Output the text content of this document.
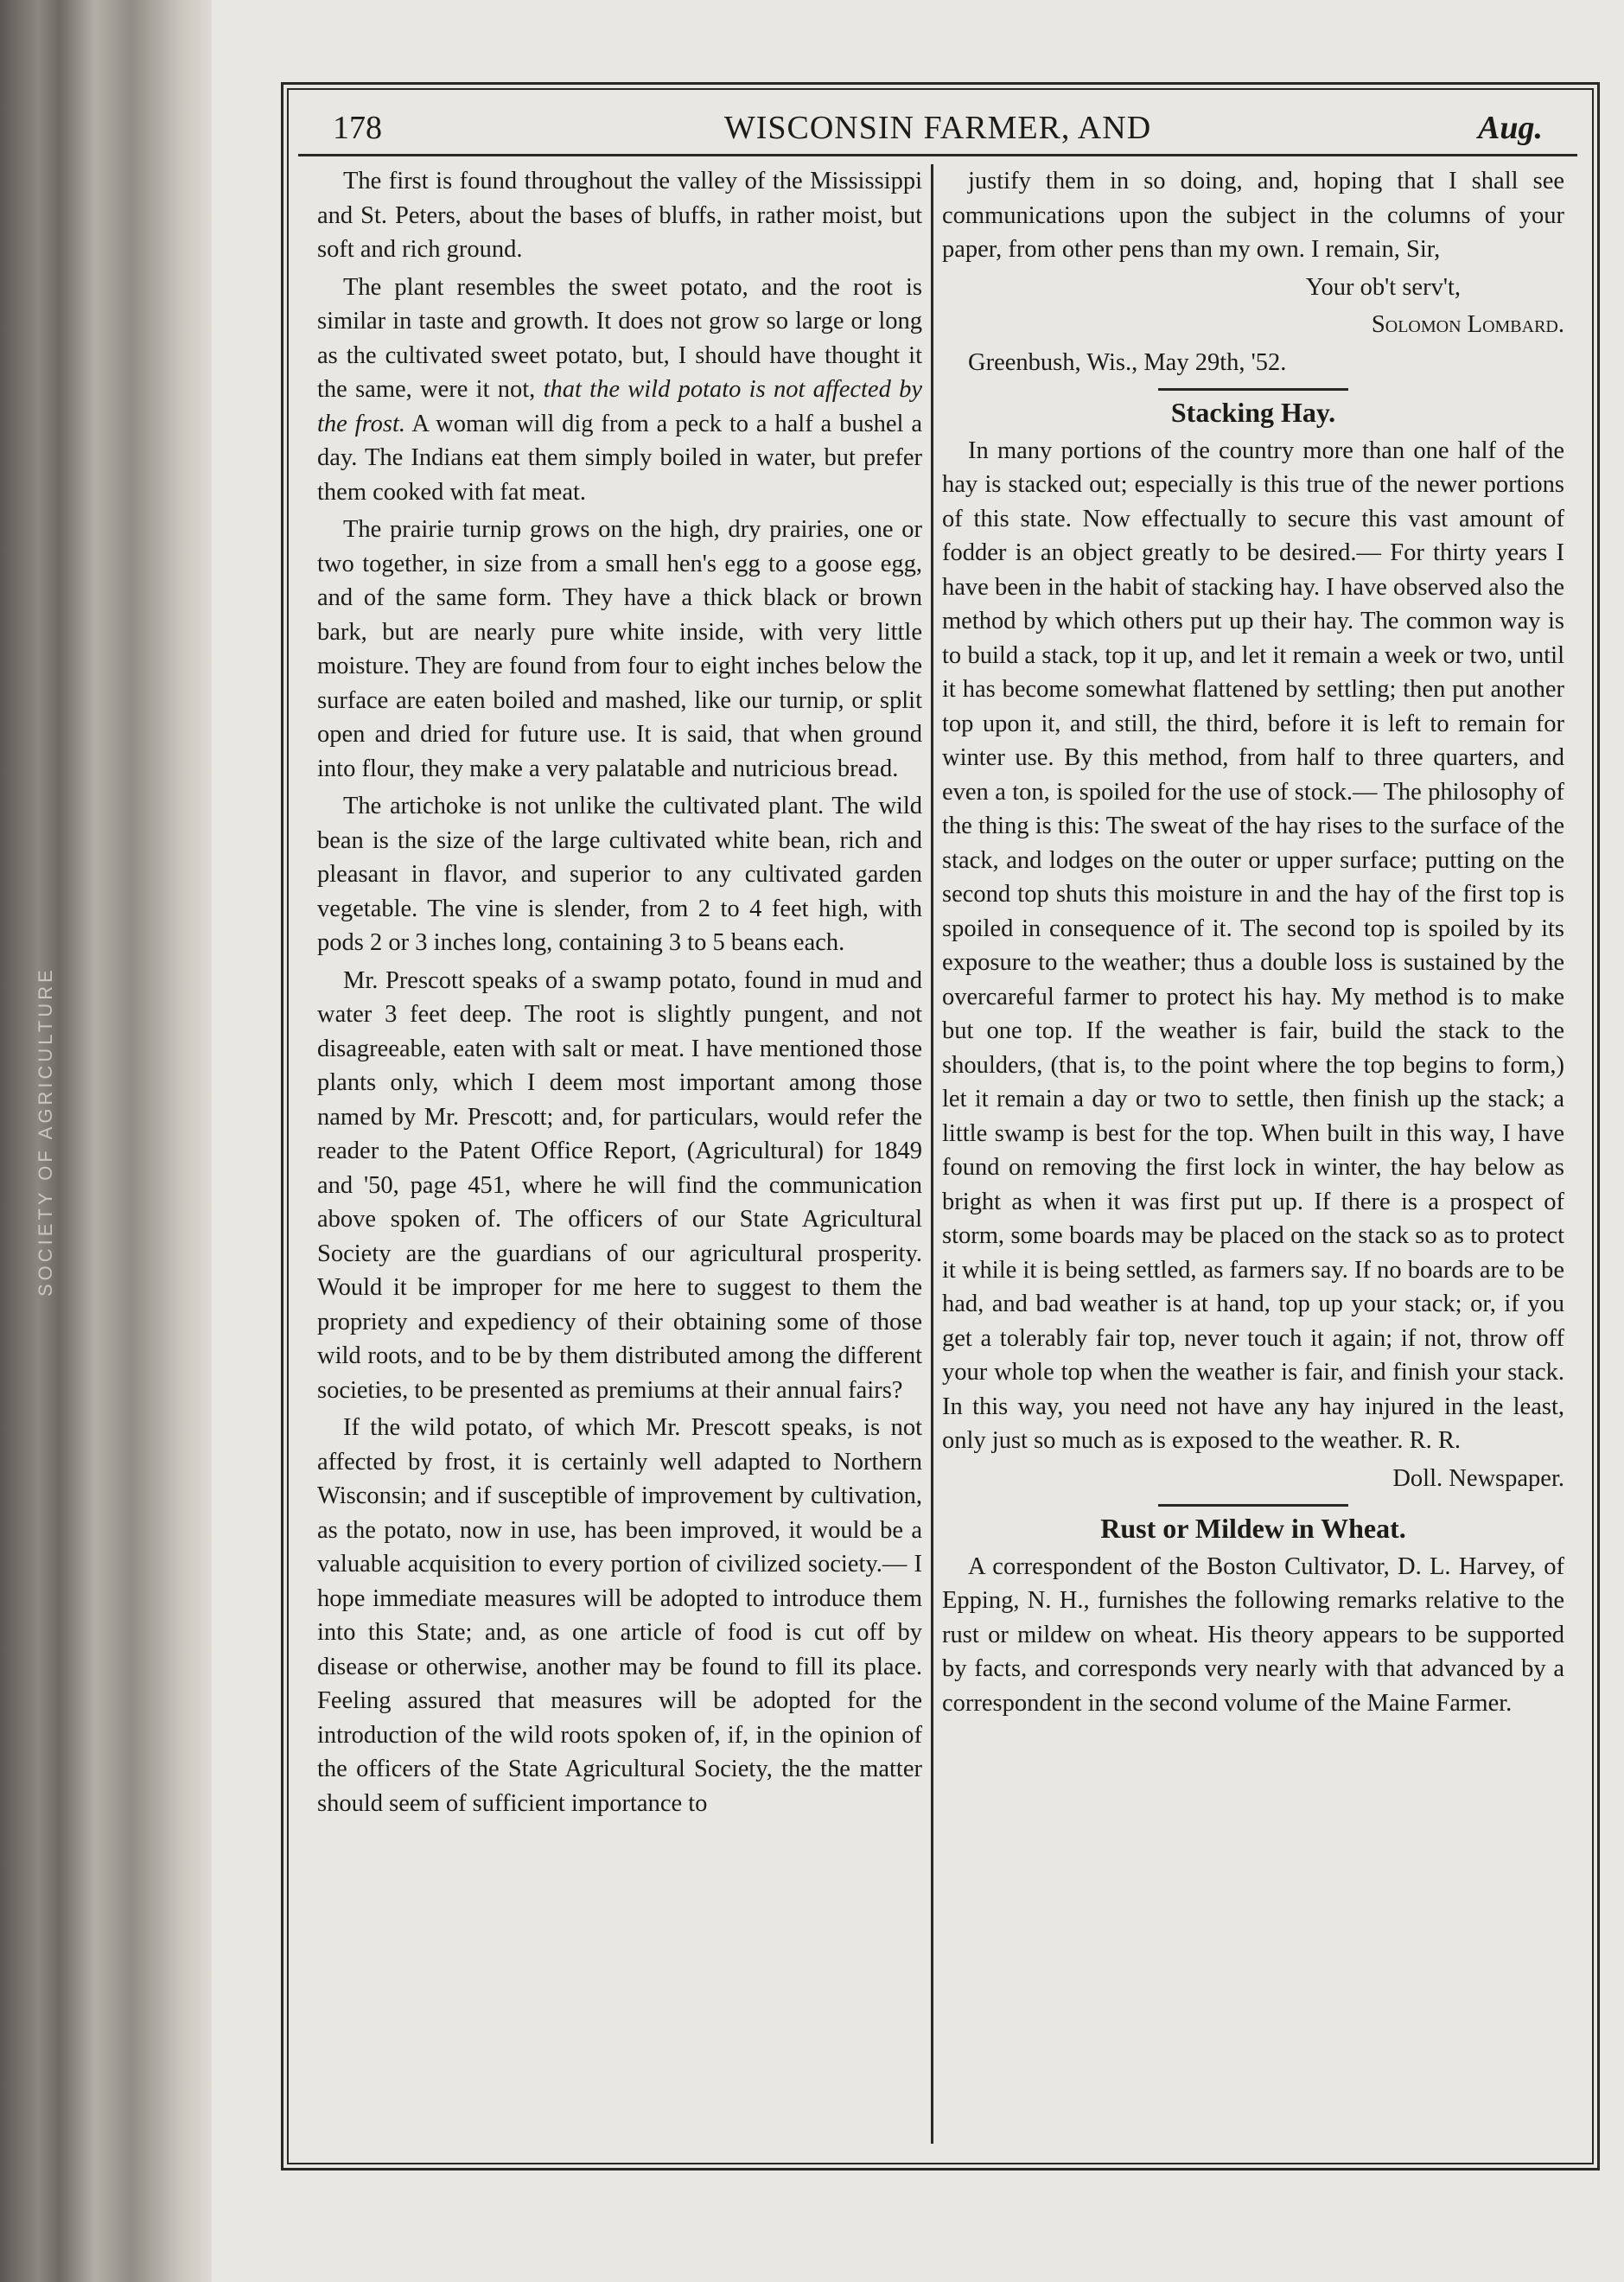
SOCIETY OF AGRICULTURE
178	WISCONSIN FARMER, AND	Aug.

The first is found throughout the valley of the Mississippi and St. Peters, about the bases of bluffs, in rather moist, but soft and rich ground.

The plant resembles the sweet potato, and the root is similar in taste and growth. It does not grow so large or long as the cultivated sweet potato, but, I should have thought it the same, were it not, that the wild potato is not affected by the frost. A woman will dig from a peck to a half a bushel a day. The Indians eat them simply boiled in water, but prefer them cooked with fat meat.

The prairie turnip grows on the high, dry prairies, one or two together, in size from a small hen's egg to a goose egg, and of the same form. They have a thick black or brown bark, but are nearly pure white inside, with very little moisture. They are found from four to eight inches below the surface are eaten boiled and mashed, like our turnip, or split open and dried for future use. It is said, that when ground into flour, they make a very palatable and nutricious bread.

The artichoke is not unlike the cultivated plant. The wild bean is the size of the large cultivated white bean, rich and pleasant in flavor, and superior to any cultivated garden vegetable. The vine is slender, from 2 to 4 feet high, with pods 2 or 3 inches long, containing 3 to 5 beans each.

Mr. Prescott speaks of a swamp potato, found in mud and water 3 feet deep. The root is slightly pungent, and not disagreeable, eaten with salt or meat. I have mentioned those plants only, which I deem most important among those named by Mr. Prescott; and, for particulars, would refer the reader to the Patent Office Report, (Agricultural) for 1849 and '50, page 451, where he will find the communication above spoken of. The officers of our State Agricultural Society are the guardians of our agricultural prosperity. Would it be improper for me here to suggest to them the propriety and expediency of their obtaining some of those wild roots, and to be by them distributed among the different societies, to be presented as premiums at their annual fairs?

If the wild potato, of which Mr. Prescott speaks, is not affected by frost, it is certainly well adapted to Northern Wisconsin; and if susceptible of improvement by cultivation, as the potato, now in use, has been improved, it would be a valuable acquisition to every portion of civilized society.— I hope immediate measures will be adopted to introduce them into this State; and, as one article of food is cut off by disease or otherwise, another may be found to fill its place. Feeling assured that measures will be adopted for the introduction of the wild roots spoken of, if, in the opinion of the officers of the State Agricultural Society, the the matter should seem of sufficient importance to

justify them in so doing, and, hoping that I shall see communications upon the subject in the columns of your paper, from other pens than my own. I remain, Sir,

Your ob't serv't,

Solomon Lombard.

Greenbush, Wis., May 29th, '52.

Stacking Hay.

In many portions of the country more than one half of the hay is stacked out; especially is this true of the newer portions of this state. Now effectually to secure this vast amount of fodder is an object greatly to be desired.— For thirty years I have been in the habit of stacking hay. I have observed also the method by which others put up their hay. The common way is to build a stack, top it up, and let it remain a week or two, until it has become somewhat flattened by settling; then put another top upon it, and still, the third, before it is left to remain for winter use. By this method, from half to three quarters, and even a ton, is spoiled for the use of stock.— The philosophy of the thing is this: The sweat of the hay rises to the surface of the stack, and lodges on the outer or upper surface; putting on the second top shuts this moisture in and the hay of the first top is spoiled in consequence of it. The second top is spoiled by its exposure to the weather; thus a double loss is sustained by the overcareful farmer to protect his hay. My method is to make but one top. If the weather is fair, build the stack to the shoulders, (that is, to the point where the top begins to form,) let it remain a day or two to settle, then finish up the stack; a little swamp is best for the top. When built in this way, I have found on removing the first lock in winter, the hay below as bright as when it was first put up. If there is a prospect of storm, some boards may be placed on the stack so as to protect it while it is being settled, as farmers say. If no boards are to be had, and bad weather is at hand, top up your stack; or, if you get a tolerably fair top, never touch it again; if not, throw off your whole top when the weather is fair, and finish your stack. In this way, you need not have any hay injured in the least, only just so much as is exposed to the weather. R. R.

Doll. Newspaper.

Rust or Mildew in Wheat.

A correspondent of the Boston Cultivator, D. L. Harvey, of Epping, N. H., furnishes the following remarks relative to the rust or mildew on wheat. His theory appears to be supported by facts, and corresponds very nearly with that advanced by a correspondent in the second volume of the Maine Farmer.
